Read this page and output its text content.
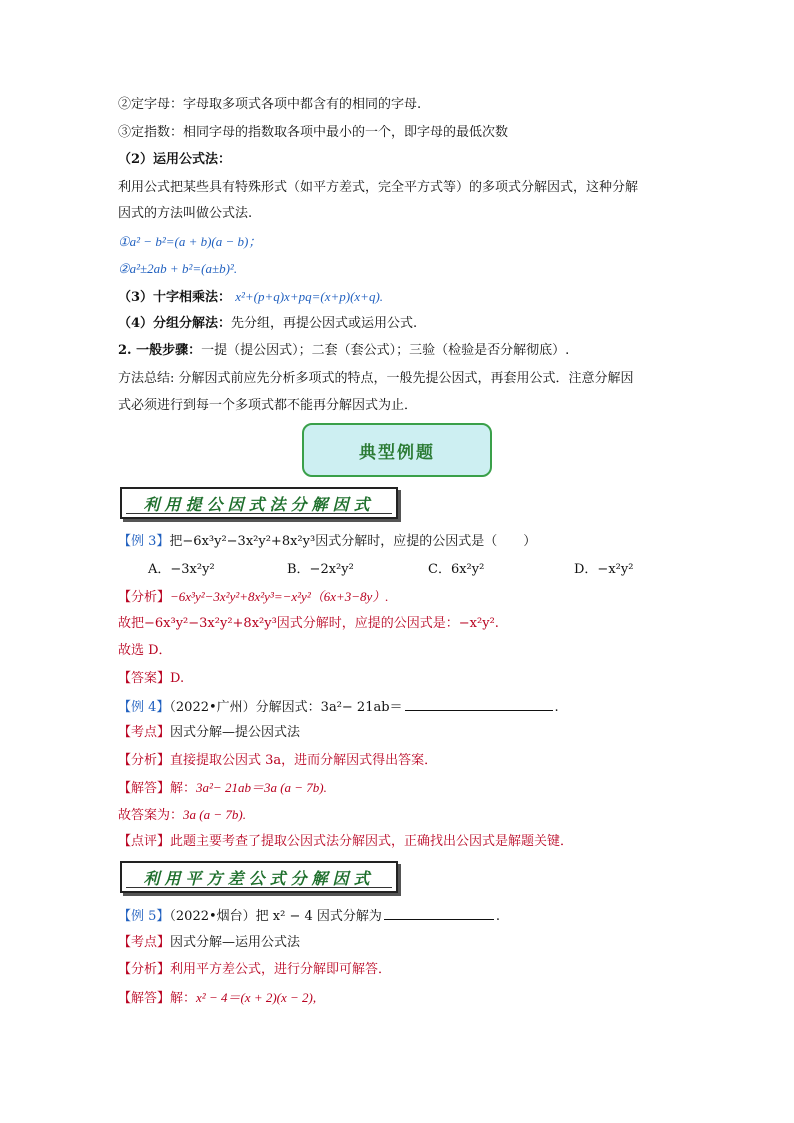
②定字母：字母取多项式各项中都含有的相同的字母.
③定指数：相同字母的指数取各项中最小的一个，即字母的最低次数
（2）运用公式法：
利用公式把某些具有特殊形式（如平方差式，完全平方式等）的多项式分解因式，这种分解
因式的方法叫做公式法.
①a² − b²=(a + b)(a − b)；
②a²±2ab + b²=(a±b)².
（3）十字相乘法： x²+(p+q)x+pq=(x+p)(x+q).
（4）分组分解法：先分组，再提公因式或运用公式.
2. 一般步骤：一提（提公因式）；二套（套公式）；三验（检验是否分解彻底）.
方法总结: 分解因式前应先分析多项式的特点，一般先提公因式，再套用公式．注意分解因
式必须进行到每一个多项式都不能再分解因式为止．
典型例题
利用提公因式法分解因式
【例 3】把−6x³y²−3x²y²+8x²y³因式分解时，应提的公因式是（　　）
A．−3x²y²	B．−2x²y²	C．6x²y²	D．−x²y²
【分析】−6x³y²−3x²y²+8x²y³=−x²y²（6x+3−8y）.
故把−6x³y²−3x²y²+8x²y³因式分解时，应提的公因式是：−x²y².
故选 D．
【答案】D.
【例 4】（2022•广州）分解因式：3a²− 21ab＝	.
【考点】因式分解—提公因式法
【分析】直接提取公因式 3a，进而分解因式得出答案．
【解答】解：3a²− 21ab＝3a (a − 7b).
故答案为：3a (a − 7b).
【点评】此题主要考查了提取公因式法分解因式，正确找出公因式是解题关键．
利用平方差公式分解因式
【例 5】（2022•烟台）把 x² − 4 因式分解为	.
【考点】因式分解—运用公式法
【分析】利用平方差公式，进行分解即可解答．
【解答】解：x² − 4＝(x + 2)(x − 2),
